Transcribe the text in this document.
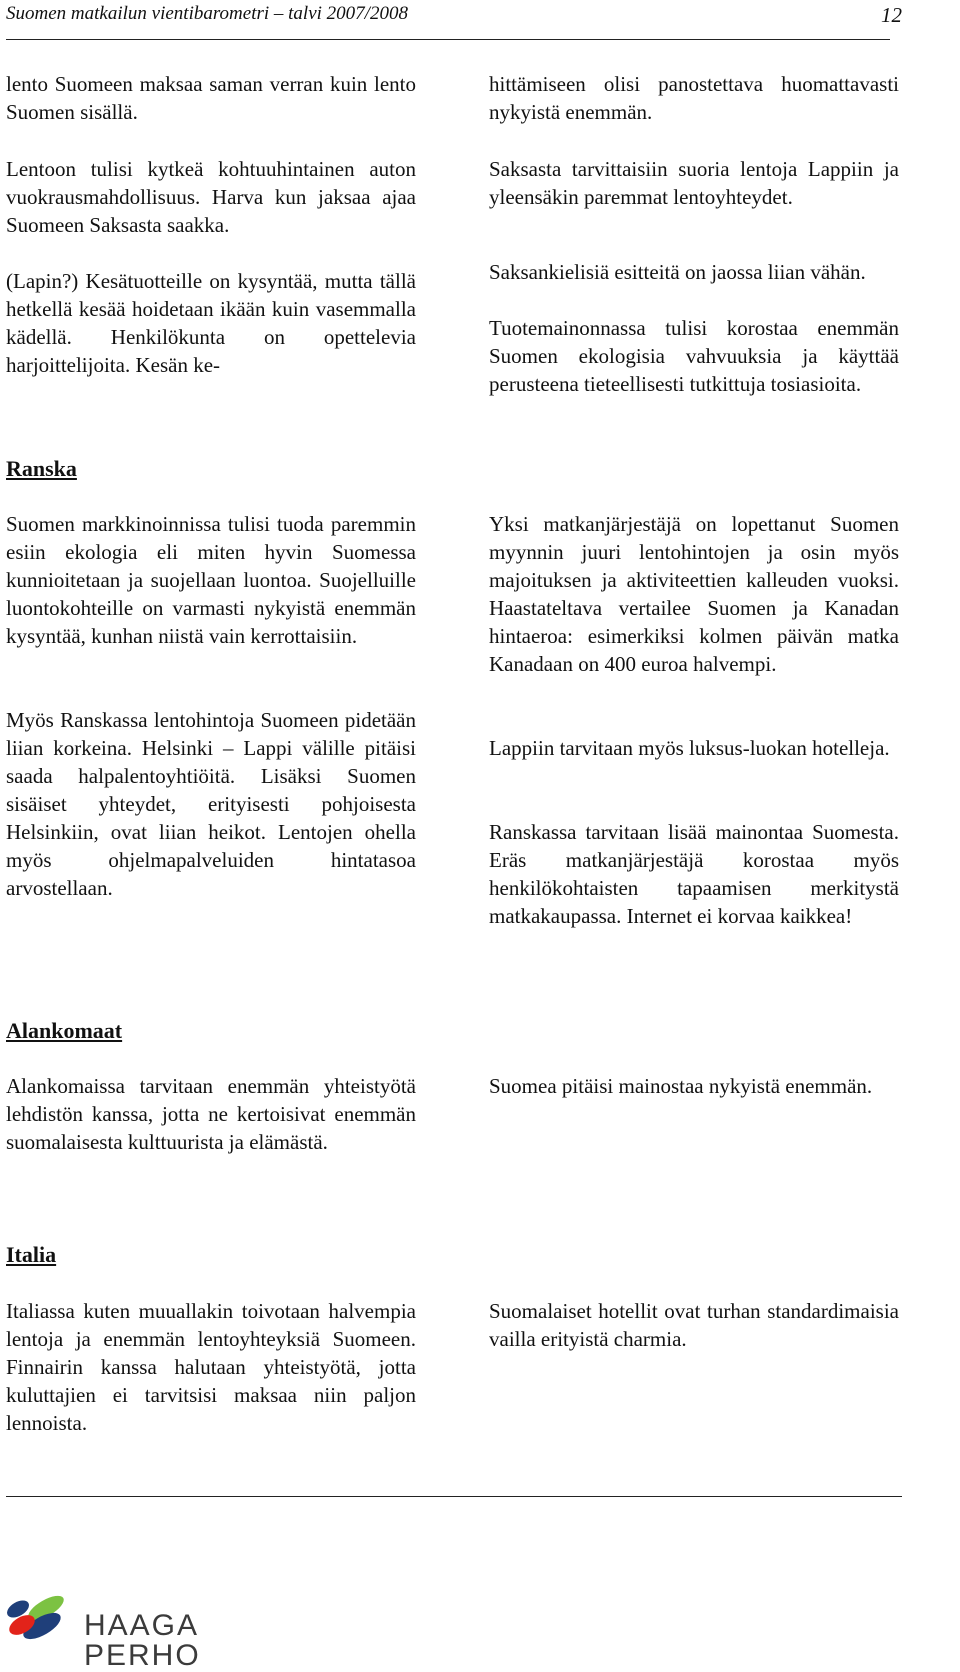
Suomen matkailun vientibarometri – talvi 2007/2008	12

lento Suomeen maksaa saman verran kuin lento Suomen sisällä.

Lentoon tulisi kytkeä kohtuuhintainen auton vuokrausmahdollisuus. Harva kun jaksaa ajaa Suomeen Saksasta saakka.

(Lapin?) Kesätuotteille on kysyntää, mutta tällä hetkellä kesää hoidetaan ikään kuin vasemmalla kädellä. Henkilökunta on opettelevia harjoittelijoita. Kesän ke-

hittämiseen olisi panostettava huomattavasti nykyistä enemmän.

Saksasta tarvittaisiin suoria lentoja Lappiin ja yleensäkin paremmat lentoyhteydet.

Saksankielisiä esitteitä on jaossa liian vähän.

Tuotemainonnassa tulisi korostaa enemmän Suomen ekologisia vahvuuksia ja käyttää perusteena tieteellisesti tutkittuja tosiasioita.

Ranska

Suomen markkinoinnissa tulisi tuoda paremmin esiin ekologia eli miten hyvin Suomessa kunnioitetaan ja suojellaan luontoa. Suojelluille luontokohteille on varmasti nykyistä enemmän kysyntää, kunhan niistä vain kerrottaisiin.

Myös Ranskassa lentohintoja Suomeen pidetään liian korkeina. Helsinki – Lappi välille pitäisi saada halpalentoyhtiöitä. Lisäksi Suomen sisäiset yhteydet, erityisesti pohjoisesta Helsinkiin, ovat liian heikot. Lentojen ohella myös ohjelmapalveluiden hintatasoa arvostellaan.

Yksi matkanjärjestäjä on lopettanut Suomen myynnin juuri lentohintojen ja osin myös majoituksen ja aktiviteettien kalleuden vuoksi. Haastateltava vertailee Suomen ja Kanadan hintaeroa: esimerkiksi kolmen päivän matka Kanadaan on 400 euroa halvempi.

Lappiin tarvitaan myös luksus-luokan hotelleja.

Ranskassa tarvitaan lisää mainontaa Suomesta. Eräs matkanjärjestäjä korostaa myös henkilökohtaisten tapaamisen merkitystä matkakaupassa. Internet ei korvaa kaikkea!

Alankomaat

Alankomaissa tarvitaan enemmän yhteistyötä lehdistön kanssa, jotta ne kertoisivat enemmän suomalaisesta kulttuurista ja elämästä.

Suomea pitäisi mainostaa nykyistä enemmän.

Italia

Italiassa kuten muuallakin toivotaan halvempia lentoja ja enemmän lentoyhteyksiä Suomeen. Finnairin kanssa halutaan yhteistyötä, jotta kuluttajien ei tarvitsisi maksaa niin paljon lennoista.

Suomalaiset hotellit ovat turhan standardimaisia vailla erityistä charmia.

HAAGA
PERHO
